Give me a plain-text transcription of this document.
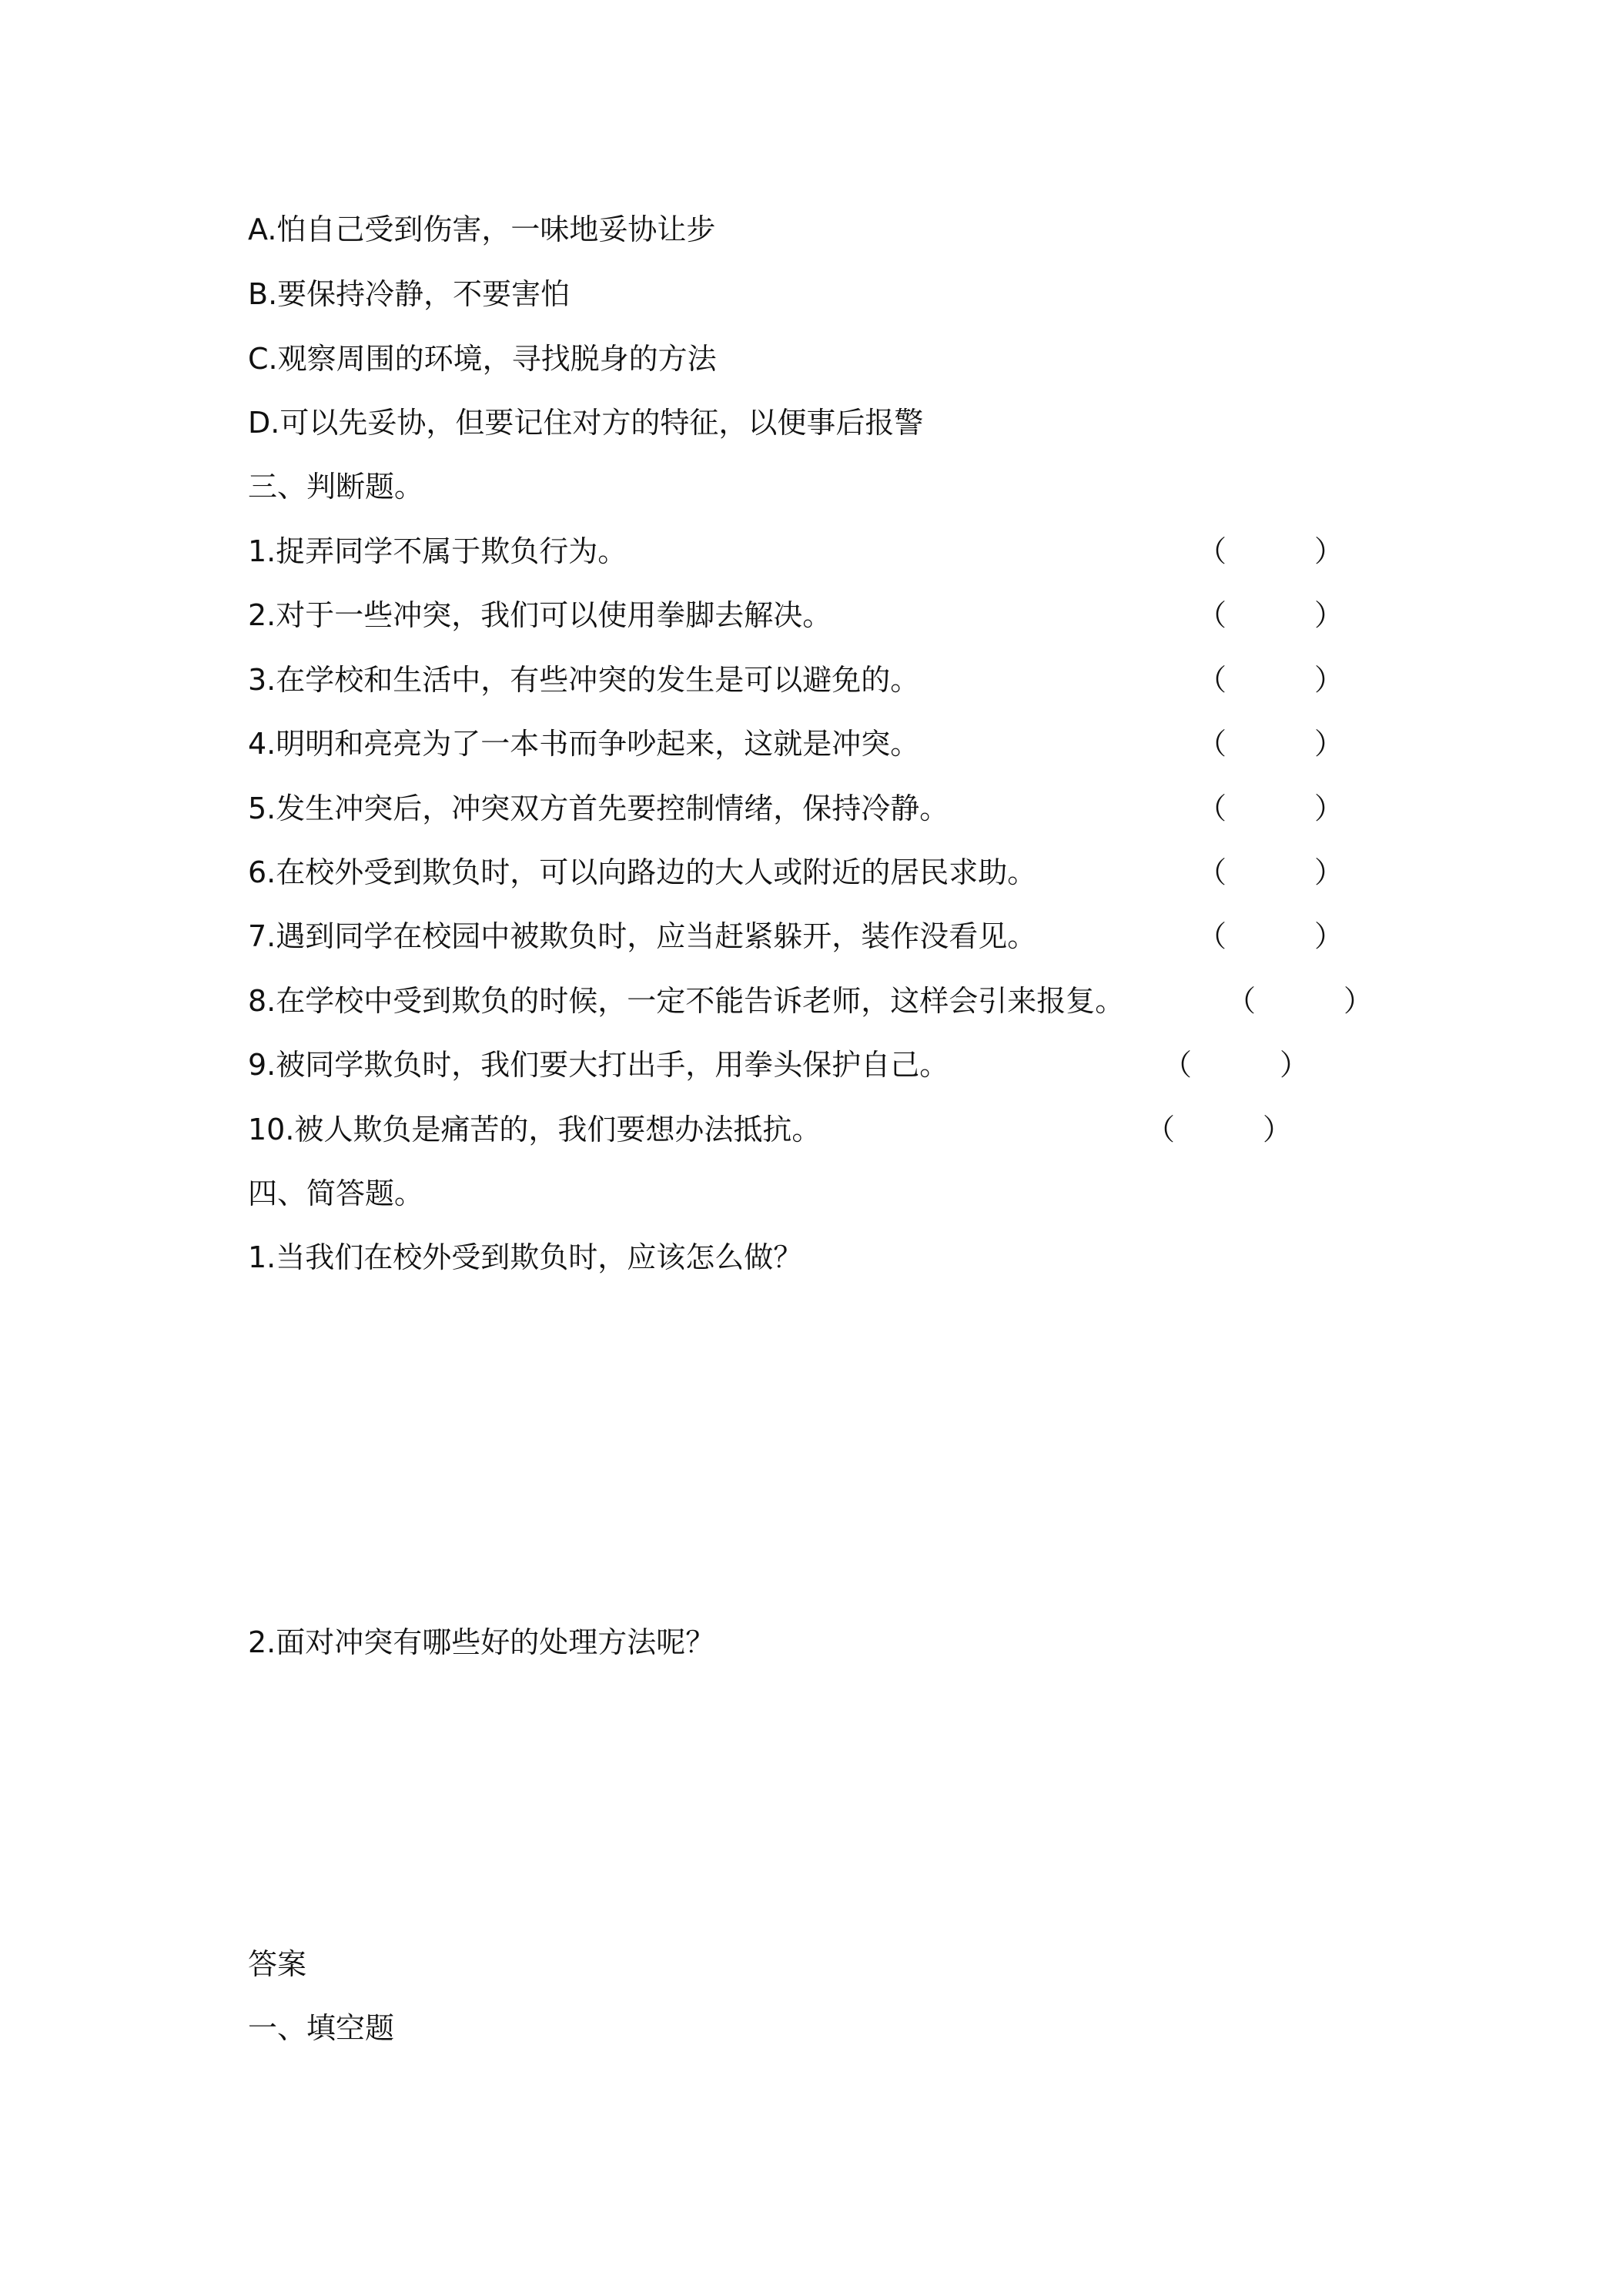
A.怕自己受到伤害，一味地妥协让步
B.要保持冷静，不要害怕
C.观察周围的环境，寻找脱身的方法
D.可以先妥协，但要记住对方的特征，以便事后报警
三、判断题。
1.捉弄同学不属于欺负行为。	（　　　）
2.对于一些冲突，我们可以使用拳脚去解决。	（　　　）
3.在学校和生活中，有些冲突的发生是可以避免的。	（　　　）
4.明明和亮亮为了一本书而争吵起来，这就是冲突。	（　　　）
5.发生冲突后，冲突双方首先要控制情绪，保持冷静。	（　　　）
6.在校外受到欺负时，可以向路边的大人或附近的居民求助。	（　　　）
7.遇到同学在校园中被欺负时，应当赶紧躲开，装作没看见。	（　　　）
8.在学校中受到欺负的时候，一定不能告诉老师，这样会引来报复。	（　　　）
9.被同学欺负时，我们要大打出手，用拳头保护自己。	（　　　）
10.被人欺负是痛苦的，我们要想办法抵抗。	（　　　）
四、简答题。
1.当我们在校外受到欺负时，应该怎么做？
2.面对冲突有哪些好的处理方法呢？
答案
一、填空题
